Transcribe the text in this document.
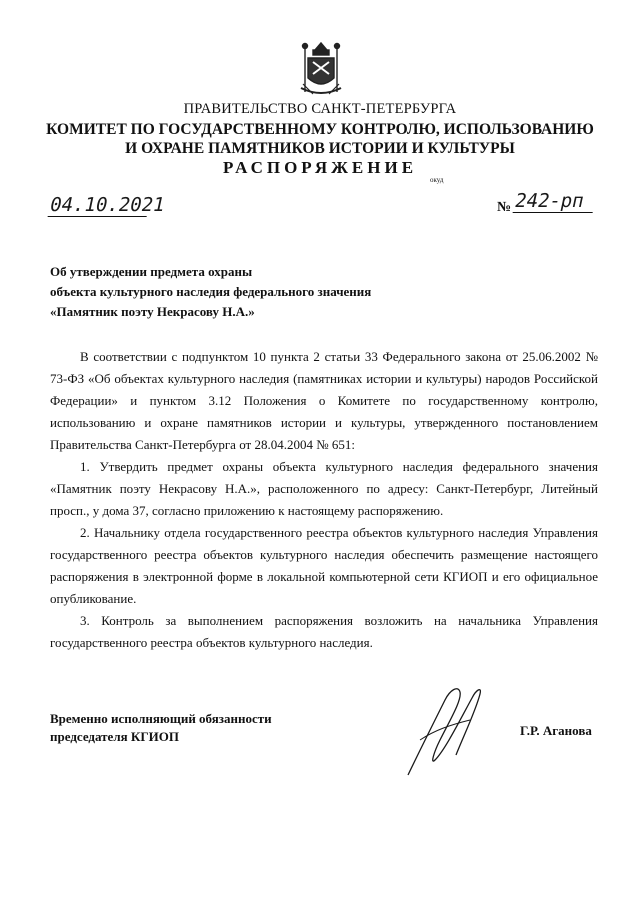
ПРАВИТЕЛЬСТВО САНКТ-ПЕТЕРБУРГА
КОМИТЕТ ПО ГОСУДАРСТВЕННОМУ КОНТРОЛЮ, ИСПОЛЬЗОВАНИЮ
И ОХРАНЕ ПАМЯТНИКОВ ИСТОРИИ И КУЛЬТУРЫ
РАСПОРЯЖЕНИЕ
окуд
04.10.2021	№ 242-рп
Об утверждении предмета охраны
объекта культурного наследия федерального значения
«Памятник поэту Некрасову Н.А.»

В соответствии с подпунктом 10 пункта 2 статьи 33 Федерального закона от 25.06.2002 № 73-ФЗ «Об объектах культурного наследия (памятниках истории и культуры) народов Российской Федерации» и пунктом 3.12 Положения о Комитете по государственному контролю, использованию и охране памятников истории и культуры, утвержденного постановлением Правительства Санкт-Петербурга от 28.04.2004 № 651:

1. Утвердить предмет охраны объекта культурного наследия федерального значения «Памятник поэту Некрасову Н.А.», расположенного по адресу: Санкт-Петербург, Литейный просп., у дома 37, согласно приложению к настоящему распоряжению.

2. Начальнику отдела государственного реестра объектов культурного наследия Управления государственного реестра объектов культурного наследия обеспечить размещение настоящего распоряжения в электронной форме в локальной компьютерной сети КГИОП и его официальное опубликование.

3. Контроль за выполнением распоряжения возложить на начальника Управления государственного реестра объектов культурного наследия.

Временно исполняющий обязанности
председателя КГИОП	Г.Р. Аганова
